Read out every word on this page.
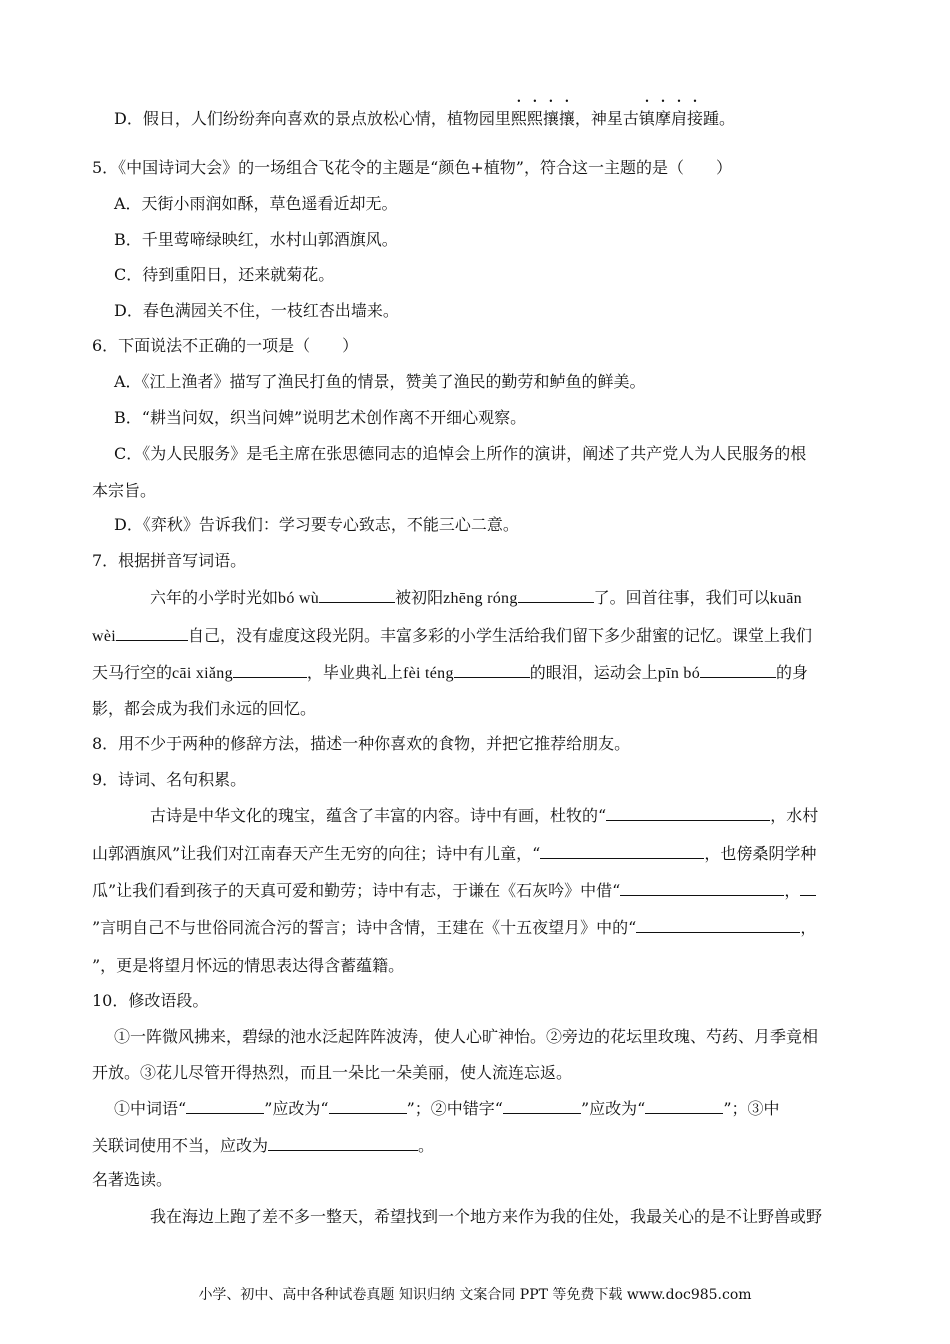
D．假日，人们纷纷奔向喜欢的景点放松心情，植物园里熙熙攘攘，神星古镇摩肩接踵。
5．《中国诗词大会》的一场组合飞花令的主题是“颜色+植物”，符合这一主题的是（　　）
A．天街小雨润如酥，草色遥看近却无。
B．千里莺啼绿映红，水村山郭酒旗风。
C．待到重阳日，还来就菊花。
D．春色满园关不住，一枝红杏出墙来。
6．下面说法不正确的一项是（　　）
A．《江上渔者》描写了渔民打鱼的情景，赞美了渔民的勤劳和鲈鱼的鲜美。
B．“耕当问奴，织当问婢”说明艺术创作离不开细心观察。
C．《为人民服务》是毛主席在张思德同志的追悼会上所作的演讲，阐述了共产党人为人民服务的根
本宗旨。
D．《弈秋》告诉我们：学习要专心致志，不能三心二意。
7．根据拼音写词语。
六年的小学时光如bó wù	被初阳zhēng róng	了。回首往事，我们可以kuān
wèi	自己，没有虚度这段光阴。丰富多彩的小学生活给我们留下多少甜蜜的记忆。课堂上我们
天马行空的cāi xiǎng	，毕业典礼上fèi téng	的眼泪，运动会上pīn bó	的身
影，都会成为我们永远的回忆。
8．用不少于两种的修辞方法，描述一种你喜欢的食物，并把它推荐给朋友。
9．诗词、名句积累。
古诗是中华文化的瑰宝，蕴含了丰富的内容。诗中有画，杜牧的“	，水村
山郭酒旗风”让我们对江南春天产生无穷的向往；诗中有儿童，“	，也傍桑阴学种
瓜”让我们看到孩子的天真可爱和勤劳；诗中有志，于谦在《石灰吟》中借“	，
”言明自己不与世俗同流合污的誓言；诗中含情，王建在《十五夜望月》中的“	，
”，更是将望月怀远的情思表达得含蓄蕴籍。
10．修改语段。
①一阵微风拂来，碧绿的池水泛起阵阵波涛，使人心旷神怡。②旁边的花坛里玫瑰、芍药、月季竟相
开放。③花儿尽管开得热烈，而且一朵比一朵美丽，使人流连忘返。
①中词语“	”应改为“	”；②中错字“	”应改为“	”；③中
关联词使用不当，应改为	。
名著选读。
我在海边上跑了差不多一整天，希望找到一个地方来作为我的住处，我最关心的是不让野兽或野
小学、初中、高中各种试卷真题 知识归纳 文案合同 PPT 等免费下载 www.doc985.com
